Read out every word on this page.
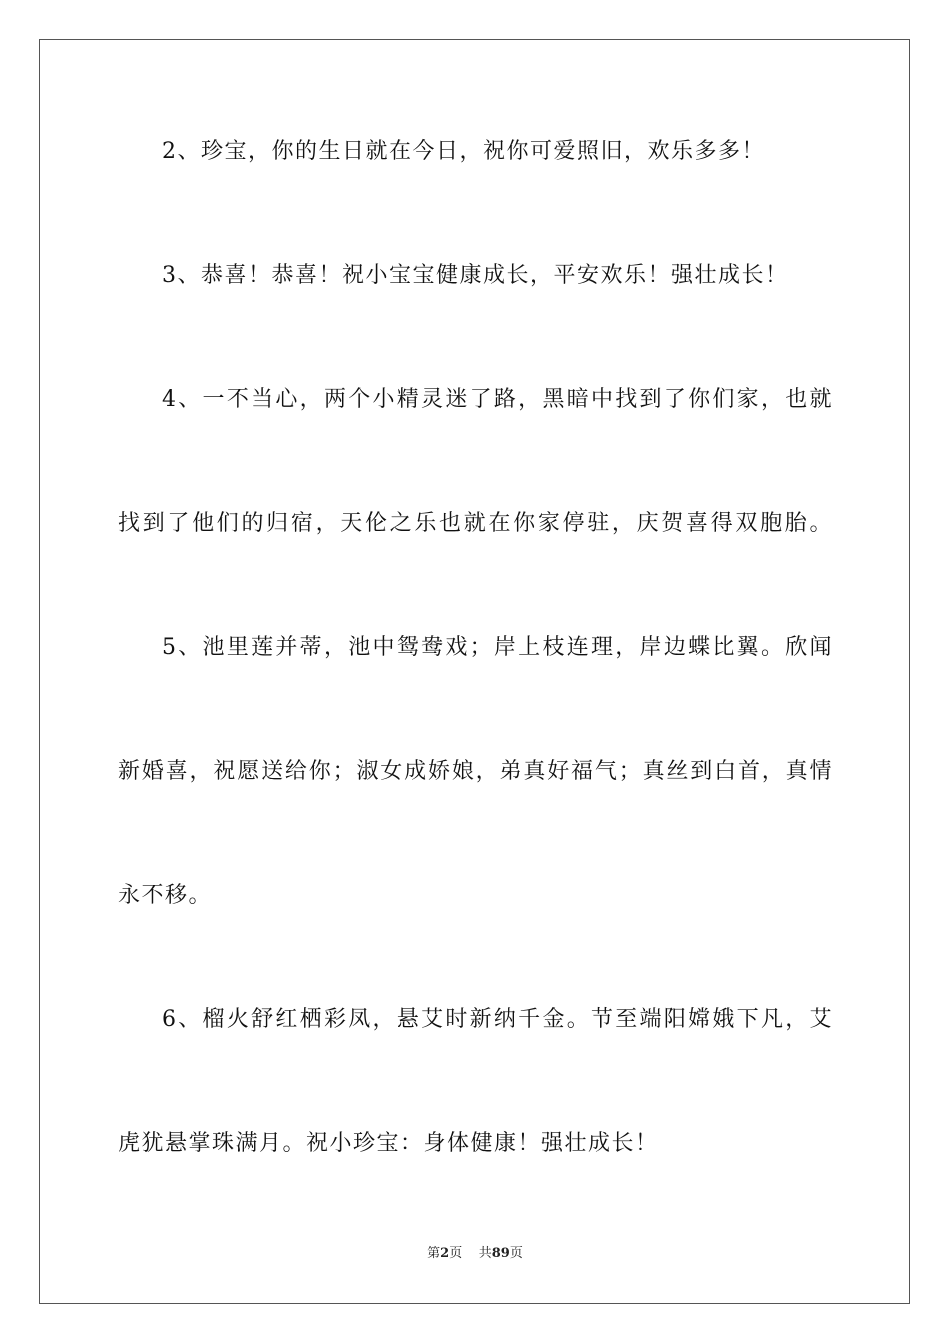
2、珍宝，你的生日就在今日，祝你可爱照旧，欢乐多多！
3、恭喜！恭喜！祝小宝宝健康成长，平安欢乐！强壮成长！
4、一不当心，两个小精灵迷了路，黑暗中找到了你们家，也就
找到了他们的归宿，天伦之乐也就在你家停驻，庆贺喜得双胞胎。
5、池里莲并蒂，池中鸳鸯戏；岸上枝连理，岸边蝶比翼。欣闻
新婚喜，祝愿送给你；淑女成娇娘，弟真好福气；真丝到白首，真情
永不移。
6、榴火舒红栖彩凤，悬艾时新纳千金。节至端阳嫦娥下凡，艾
虎犹悬掌珠满月。祝小珍宝：身体健康！强壮成长！
第2页 共89页
